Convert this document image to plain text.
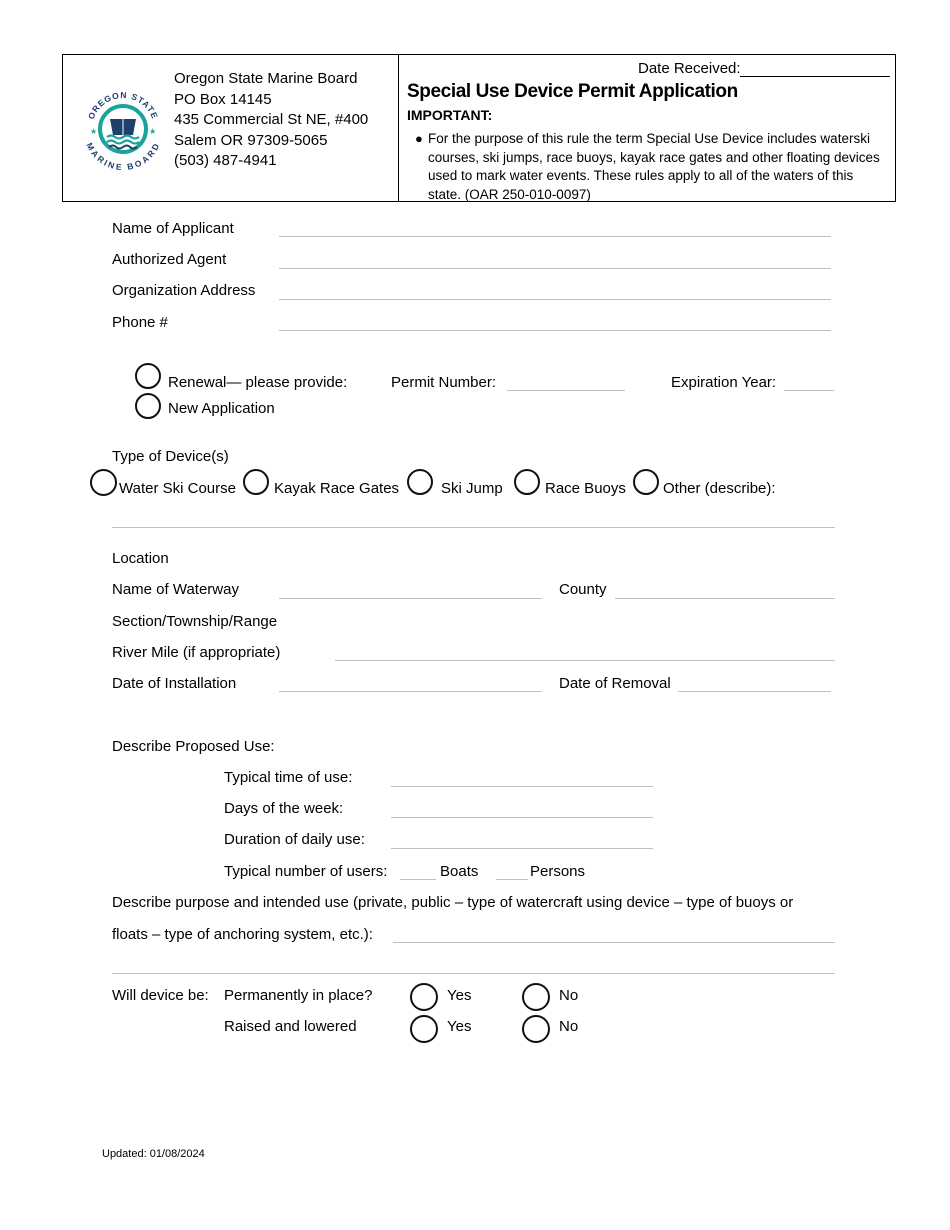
OREGON STATE
MARINE BOARD
★	★
Oregon State Marine Board
PO Box 14145
435 Commercial St NE, #400
Salem OR 97309-5065
(503) 487-4941
Date Received:
Special Use Device Permit Application
IMPORTANT:
● For the purpose of this rule the term Special Use Device includes waterski courses, ski jumps, race buoys, kayak race gates and other floating devices used to mark water events. These rules apply to all of the waters of this state. (OAR 250-010-0097)
Name of Applicant
Authorized Agent
Organization Address
Phone #
Renewal— please provide:	Permit Number:	Expiration Year:
New Application
Type of Device(s)
Water Ski Course	Kayak Race Gates	Ski Jump	Race Buoys Other (describe):
Location
Name of Waterway	County
Section/Township/Range
River Mile (if appropriate)
Date of Installation	Date of Removal
Describe Proposed Use:
Typical time of use:
Days of the week:
Duration of daily use:
Typical number of users:	Boats	Persons
Describe purpose and intended use (private, public – type of watercraft using device – type of buoys or
floats – type of anchoring system, etc.):
Will device be: Permanently in place?	Yes	No
Raised and lowered	Yes	No
Updated: 01/08/2024
